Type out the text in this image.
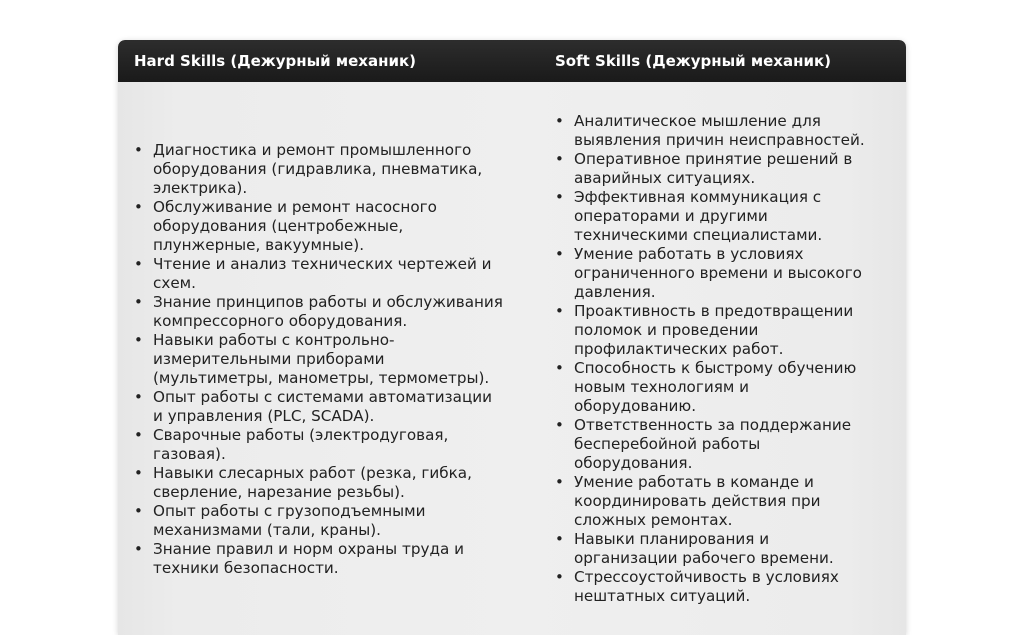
Hard Skills (Дежурный механик)	Soft Skills (Дежурный механик)
• Диагностика и ремонт промышленного
оборудования (гидравлика, пневматика,
электрика).
• Обслуживание и ремонт насосного
оборудования (центробежные,
плунжерные, вакуумные).
• Чтение и анализ технических чертежей и
схем.
• Знание принципов работы и обслуживания
компрессорного оборудования.
• Навыки работы с контрольно-
измерительными приборами
(мультиметры, манометры, термометры).
• Опыт работы с системами автоматизации
и управления (PLC, SCADA).
• Сварочные работы (электродуговая,
газовая).
• Навыки слесарных работ (резка, гибка,
сверление, нарезание резьбы).
• Опыт работы с грузоподъемными
механизмами (тали, краны).
• Знание правил и норм охраны труда и
техники безопасности.
• Аналитическое мышление для
выявления причин неисправностей.
• Оперативное принятие решений в
аварийных ситуациях.
• Эффективная коммуникация с
операторами и другими
техническими специалистами.
• Умение работать в условиях
ограниченного времени и высокого
давления.
• Проактивность в предотвращении
поломок и проведении
профилактических работ.
• Способность к быстрому обучению
новым технологиям и
оборудованию.
• Ответственность за поддержание
бесперебойной работы
оборудования.
• Умение работать в команде и
координировать действия при
сложных ремонтах.
• Навыки планирования и
организации рабочего времени.
• Стрессоустойчивость в условиях
нештатных ситуаций.
